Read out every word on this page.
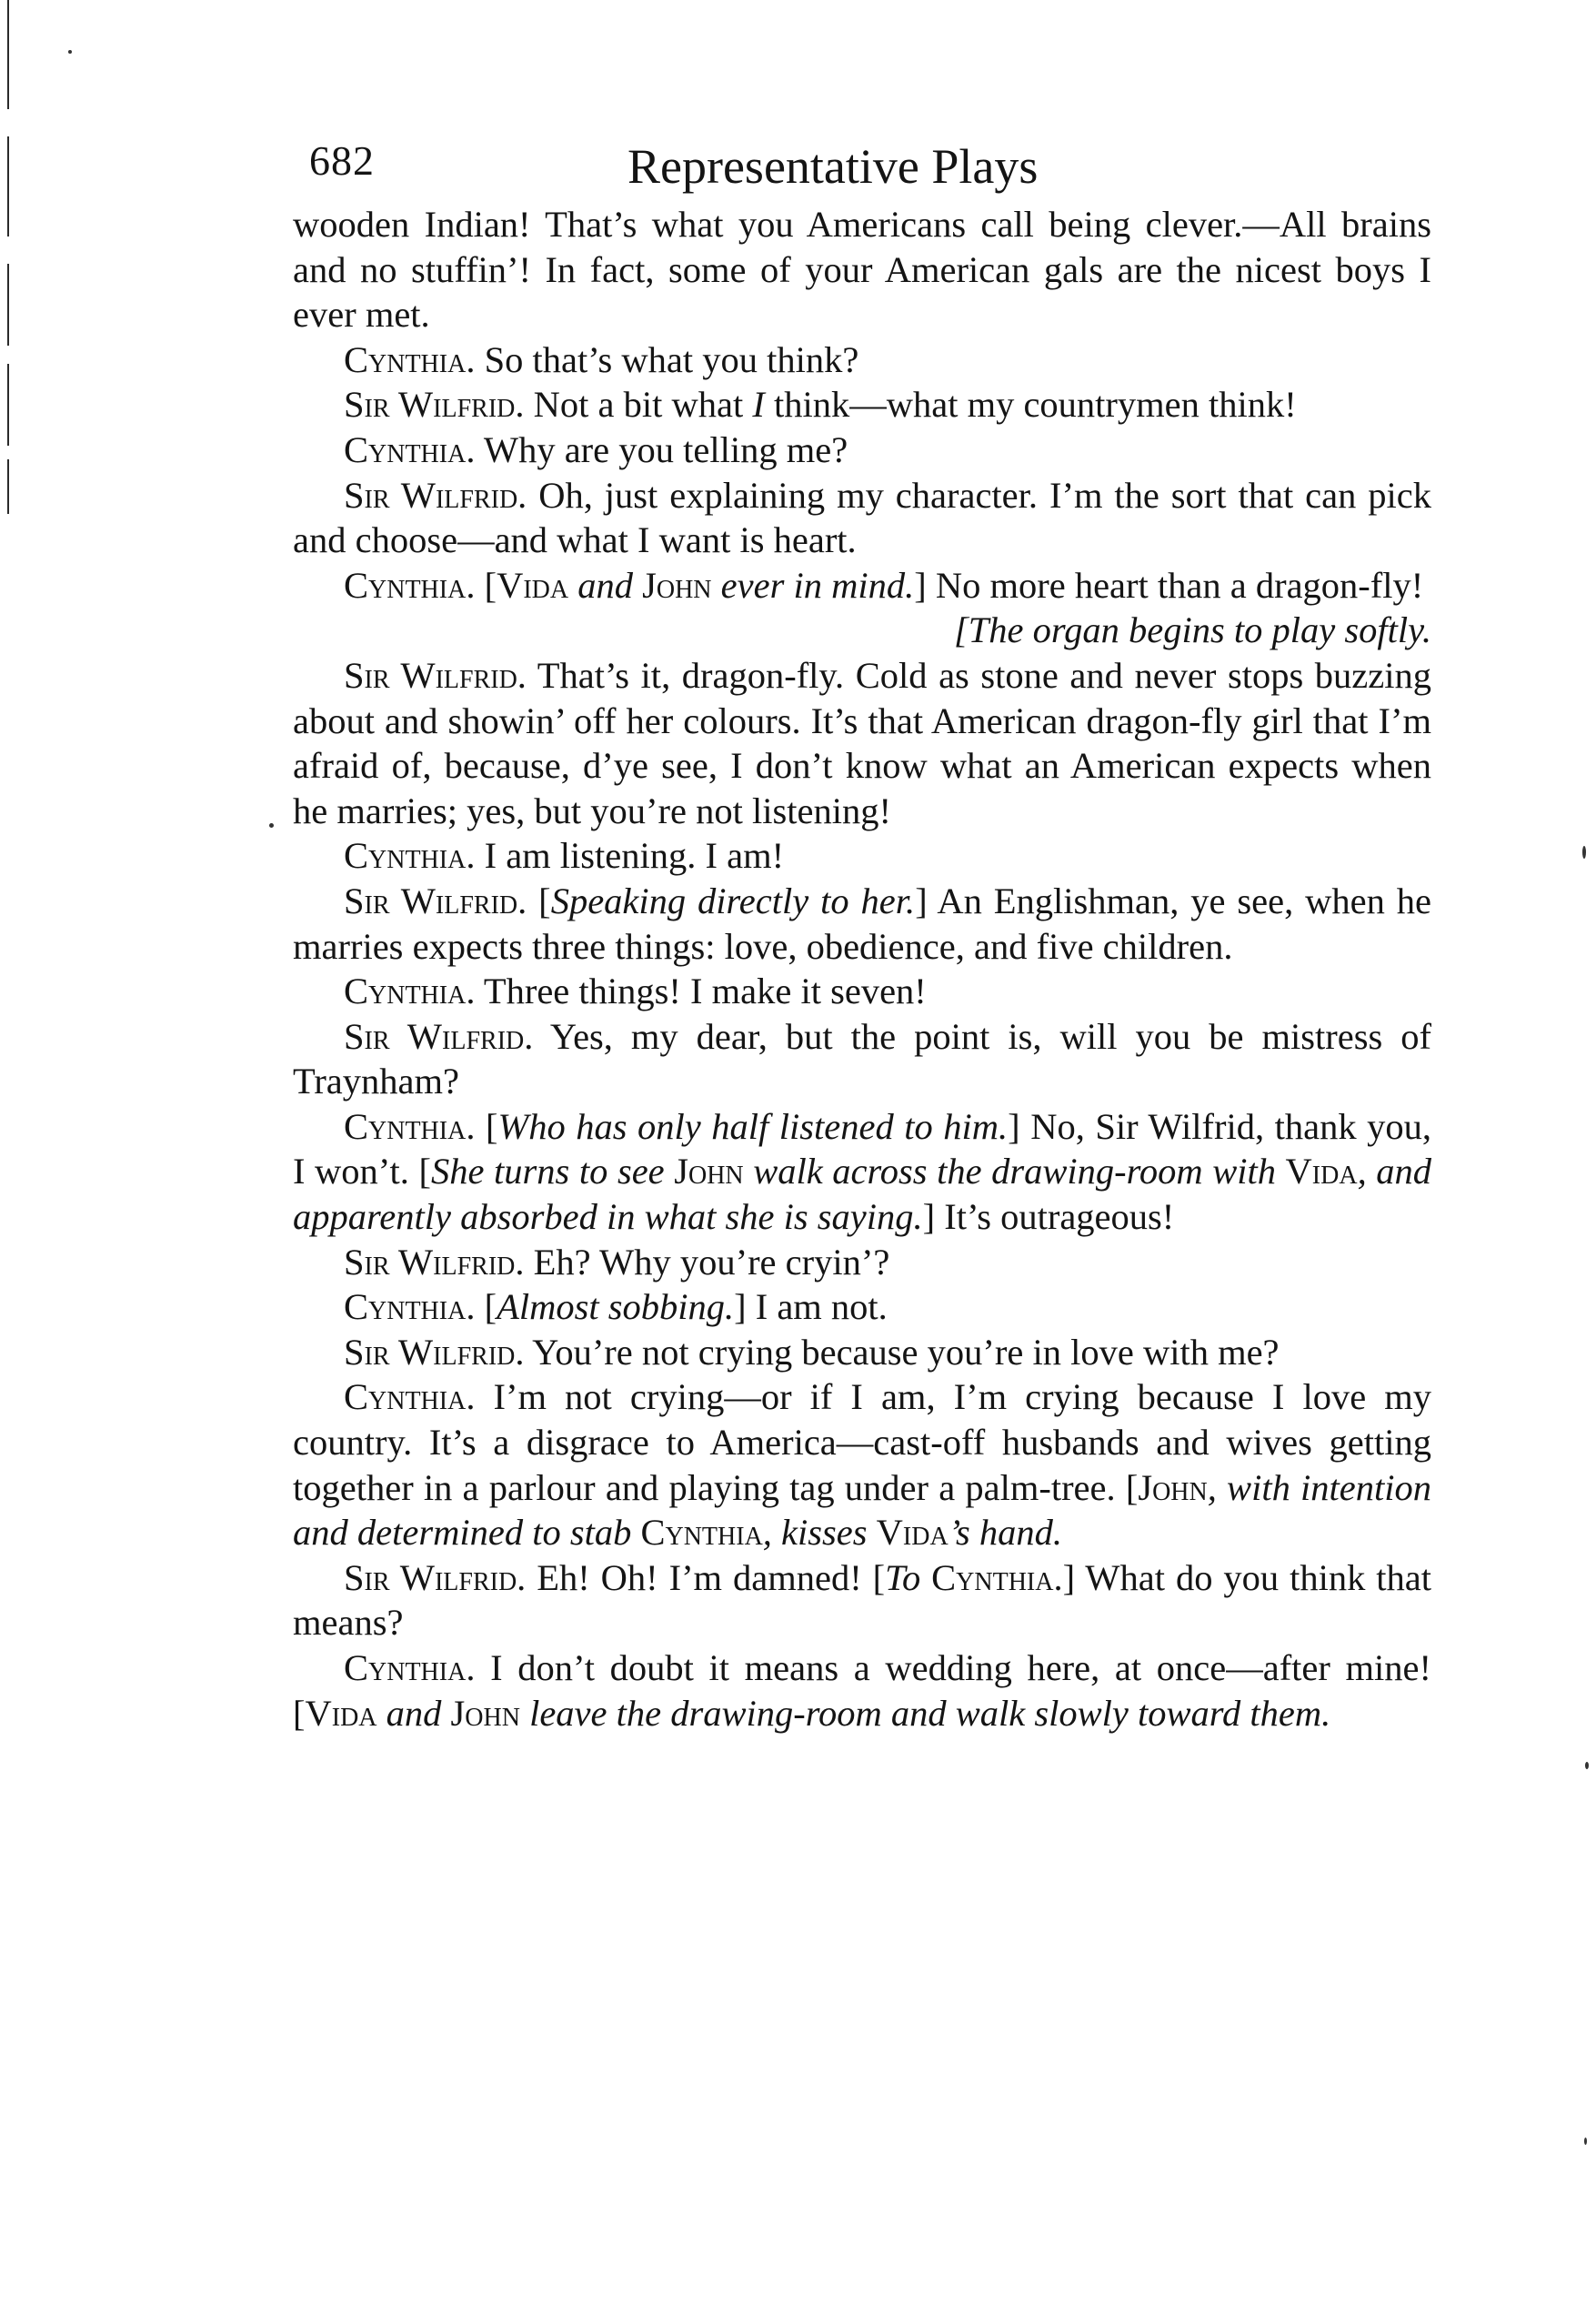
682	Representative Plays

wooden Indian! That’s what you Americans call being clever.—All brains and no stuffin’! In fact, some of your American gals are the nicest boys I ever met.

Cynthia. So that’s what you think?

Sir Wilfrid. Not a bit what I think—what my countrymen think!

Cynthia. Why are you telling me?

Sir Wilfrid. Oh, just explaining my character. I’m the sort that can pick and choose—and what I want is heart.

Cynthia. [Vida and John ever in mind.] No more heart than a dragon-fly!
[The organ begins to play softly.

Sir Wilfrid. That’s it, dragon-fly. Cold as stone and never stops buzzing about and showin’ off her colours. It’s that American dragon-fly girl that I’m afraid of, because, d’ye see, I don’t know what an American expects when he marries; yes, but you’re not listening!

Cynthia. I am listening. I am!

Sir Wilfrid. [Speaking directly to her.] An Englishman, ye see, when he marries expects three things: love, obedience, and five children.

Cynthia. Three things! I make it seven!

Sir Wilfrid. Yes, my dear, but the point is, will you be mistress of Traynham?

Cynthia. [Who has only half listened to him.] No, Sir Wilfrid, thank you, I won’t. [She turns to see John walk across the drawing-room with Vida, and apparently absorbed in what she is saying.] It’s outrageous!

Sir Wilfrid. Eh? Why you’re cryin’?

Cynthia. [Almost sobbing.] I am not.

Sir Wilfrid. You’re not crying because you’re in love with me?

Cynthia. I’m not crying—or if I am, I’m crying because I love my country. It’s a disgrace to America—cast-off husbands and wives getting together in a parlour and playing tag under a palm-tree. [John, with intention and determined to stab Cynthia, kisses Vida’s hand.

Sir Wilfrid. Eh! Oh! I’m damned! [To Cynthia.] What do you think that means?

Cynthia. I don’t doubt it means a wedding here, at once—after mine! [Vida and John leave the drawing-room and walk slowly toward them.
